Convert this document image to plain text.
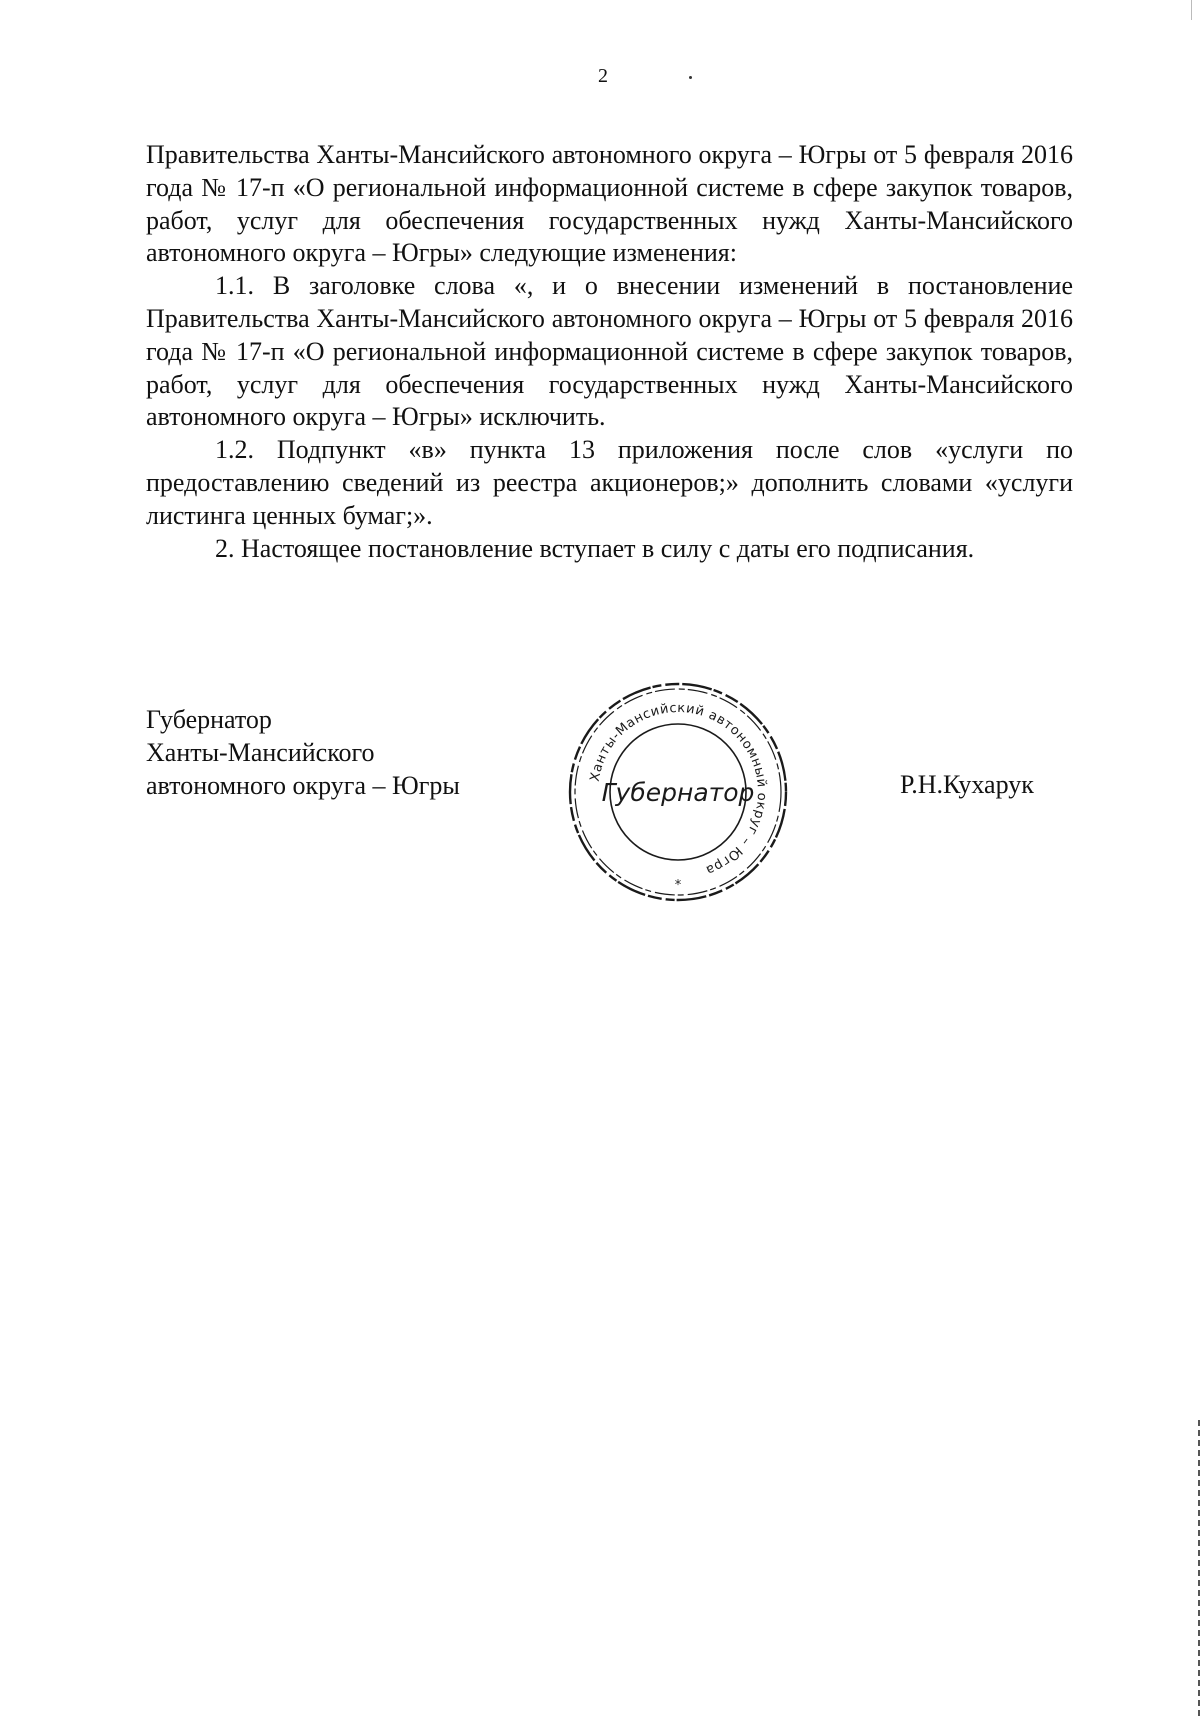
2

Правительства Ханты-Мансийского автономного округа – Югры от 5 февраля 2016 года № 17-п «О региональной информационной системе в сфере закупок товаров, работ, услуг для обеспечения государственных нужд Ханты-Мансийского автономного округа – Югры» следующие изменения:

1.1. В заголовке слова «, и о внесении изменений в постановление Правительства Ханты-Мансийского автономного округа – Югры от 5 февраля 2016 года № 17-п «О региональной информационной системе в сфере закупок товаров, работ, услуг для обеспечения государственных нужд Ханты-Мансийского автономного округа – Югры» исключить.

1.2. Подпункт «в» пункта 13 приложения после слов «услуги по предоставлению сведений из реестра акционеров;» дополнить словами «услуги листинга ценных бумаг;».

2. Настоящее постановление вступает в силу с даты его подписания.

Губернатор
Ханты-Мансийского
автономного округа – Югры	Ханты-Мансийский автономный округ – Югра
Губернатор
*
Р.Н.Кухарук
